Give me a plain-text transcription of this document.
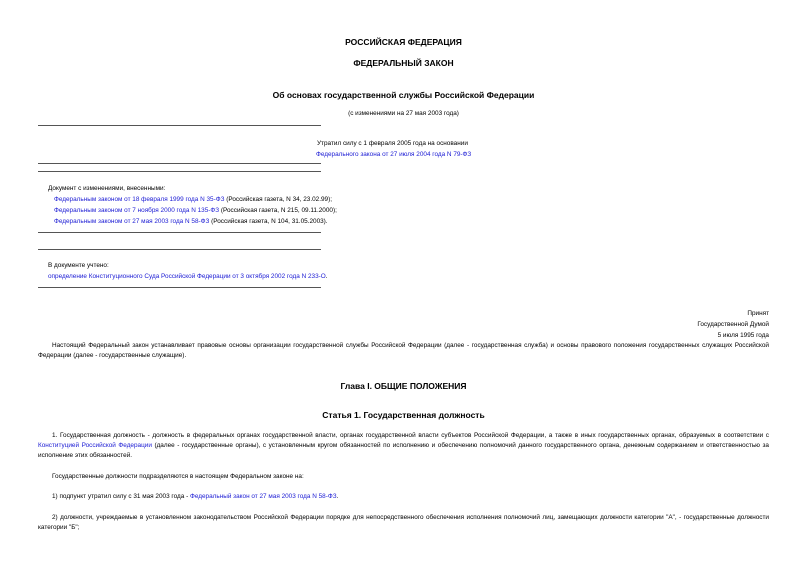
РОССИЙСКАЯ ФЕДЕРАЦИЯ
ФЕДЕРАЛЬНЫЙ ЗАКОН
Об основах государственной службы Российской Федерации
(с изменениями на 27 мая 2003 года)
Утратил силу с 1 февраля 2005 года на основании
Федерального закона от 27 июля 2004 года N 79-ФЗ
Документ с изменениями, внесенными:
Федеральным законом от 18 февраля 1999 года N 35-ФЗ (Российская газета, N 34, 23.02.99);
Федеральным законом от 7 ноября 2000 года N 135-ФЗ (Российская газета, N 215, 09.11.2000);
Федеральным законом от 27 мая 2003 года N 58-ФЗ (Российская газета, N 104, 31.05.2003).
В документе учтено:
определение Конституционного Суда Российской Федерации от 3 октября 2002 года N 233-О.
Принят
Государственной Думой
5 июля 1995 года
Настоящий Федеральный закон устанавливает правовые основы организации государственной службы Российской Федерации (далее - государственная служба) и основы правового положения государственных служащих Российской Федерации (далее - государственные служащие).
Глава I. ОБЩИЕ ПОЛОЖЕНИЯ
Статья 1. Государственная должность
1. Государственная должность - должность в федеральных органах государственной власти, органах государственной власти субъектов Российской Федерации, а также в иных государственных органах, образуемых в соответствии с Конституцией Российской Федерации (далее - государственные органы), с установленным кругом обязанностей по исполнению и обеспечению полномочий данного государственного органа, денежным содержанием и ответственностью за исполнение этих обязанностей.
Государственные должности подразделяются в настоящем Федеральном законе на:
1) подпункт утратил силу с 31 мая 2003 года - Федеральный закон от 27 мая 2003 года N 58-ФЗ.
2) должности, учреждаемые в установленном законодательством Российской Федерации порядке для непосредственного обеспечения исполнения полномочий лиц, замещающих должности категории "А", - государственные должности категории "Б";
